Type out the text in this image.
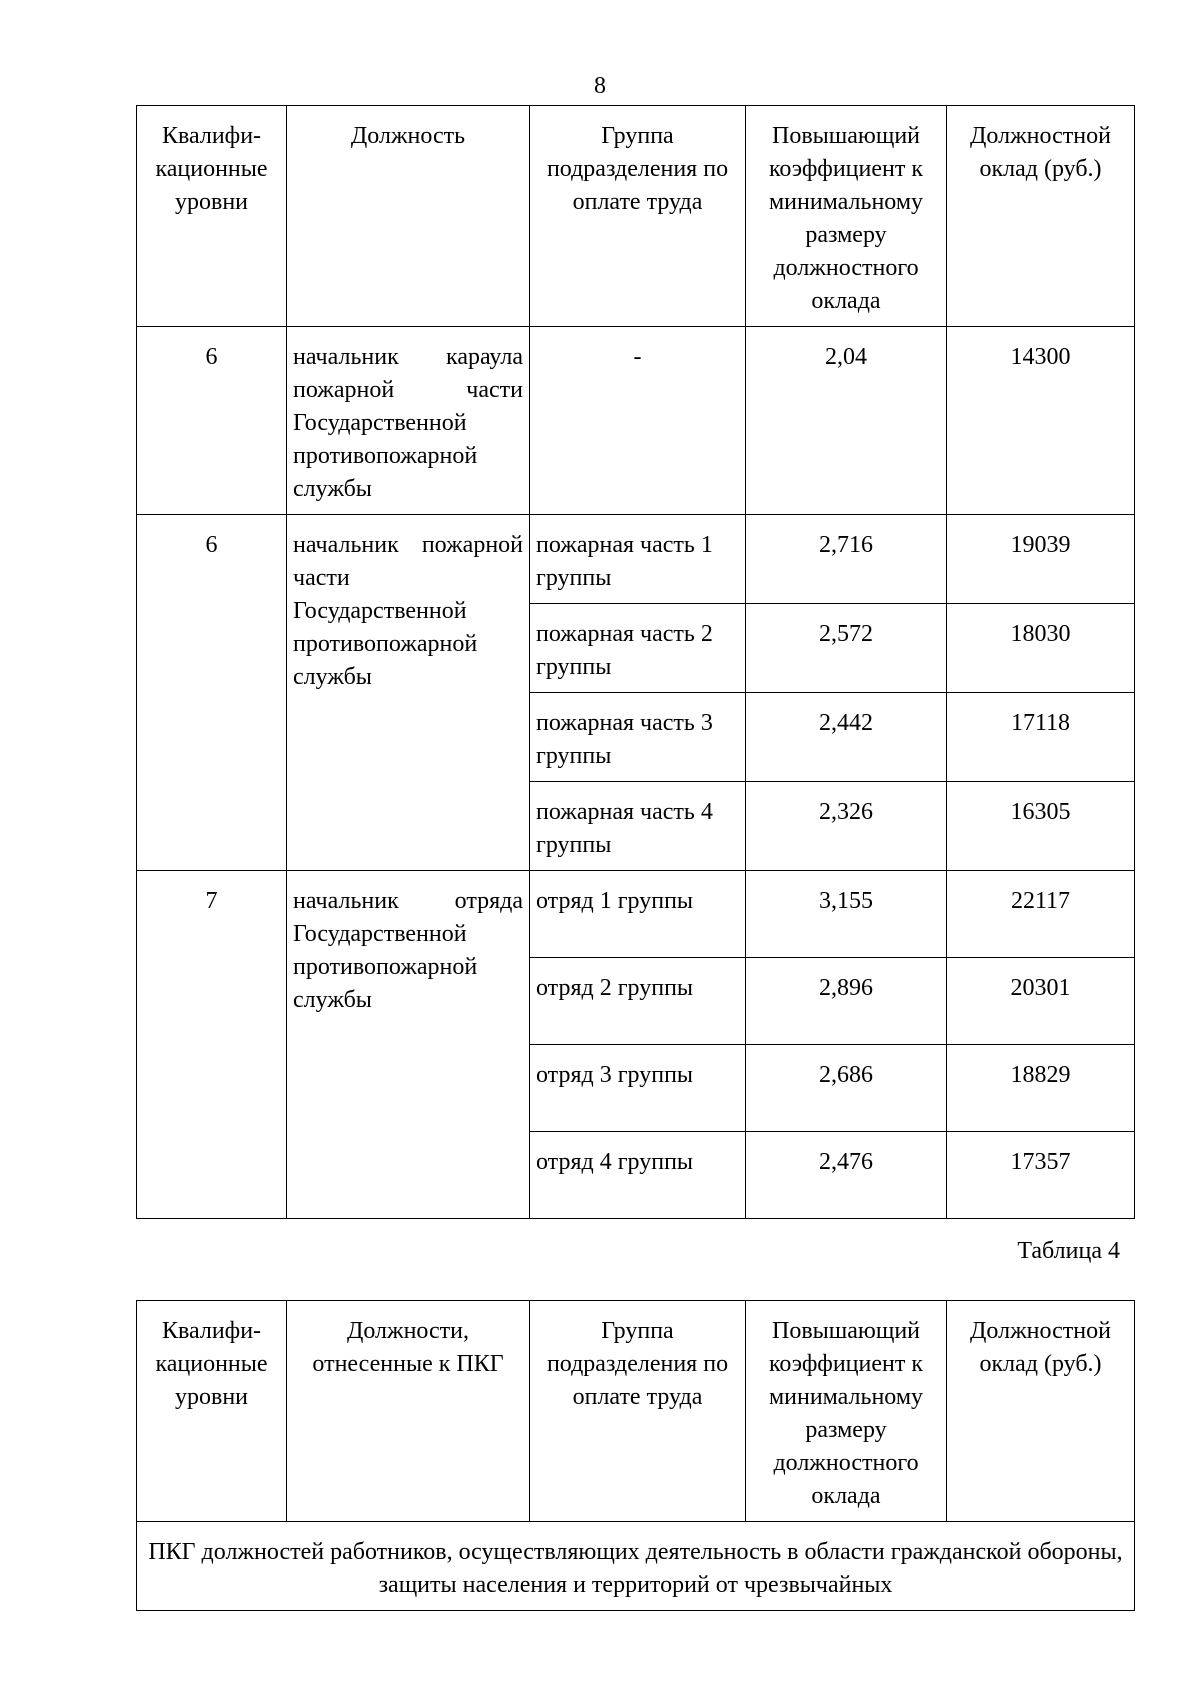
8
Квалифи-кационные уровни	Должность	Группа подразделения по оплате труда	Повышающий коэффициент к минимальному размеру должностного оклада	Должностной оклад (руб.)
6	начальник караула пожарной части Государственной противопожарной службы	-	2,04	14300
6	начальник пожарной части Государственной противопожарной службы	пожарная часть 1 группы	2,716	19039
		пожарная часть 2 группы	2,572	18030
		пожарная часть 3 группы	2,442	17118
		пожарная часть 4 группы	2,326	16305
7	начальник отряда Государственной противопожарной службы	отряд 1 группы	3,155	22117
		отряд 2 группы	2,896	20301
		отряд 3 группы	2,686	18829
		отряд 4 группы	2,476	17357
Таблица 4
Квалифи-кационные уровни	Должности, отнесенные к ПКГ	Группа подразделения по оплате труда	Повышающий коэффициент к минимальному размеру должностного оклада	Должностной оклад (руб.)
ПКГ должностей работников, осуществляющих деятельность в области гражданской обороны, защиты населения и территорий от чрезвычайных
